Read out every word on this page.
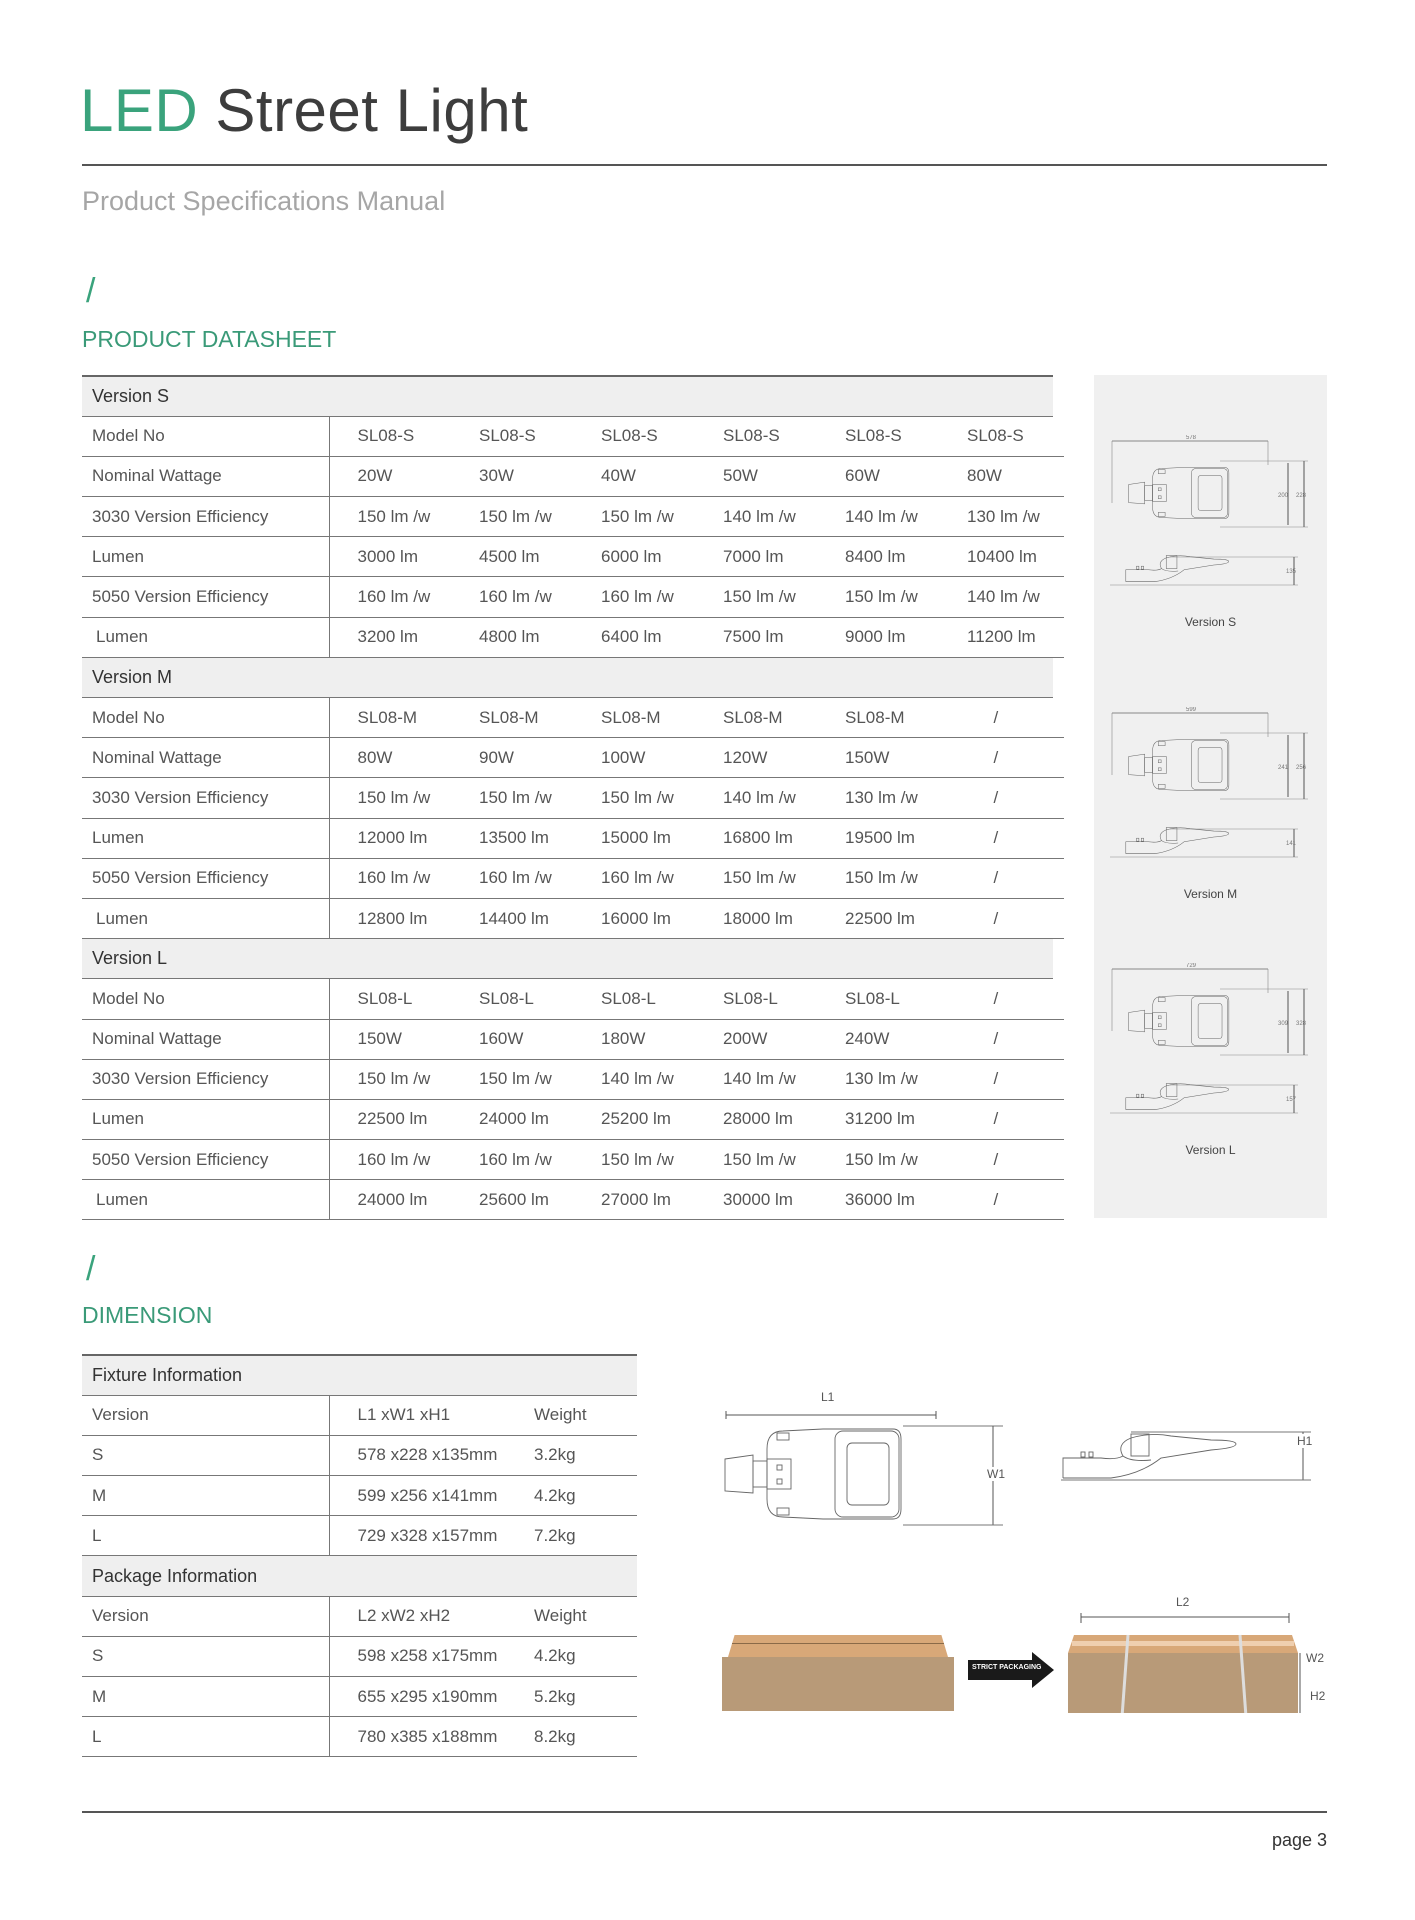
LED Street Light
Product Specifications Manual
/
PRODUCT DATASHEET
Version S							
Model No	SL08-S	SL08-S	SL08-S	SL08-S	SL08-S	SL08-S	
Nominal Wattage	20W	30W	40W	50W	60W	80W	
3030 Version Efficiency	150 lm /w	150 lm /w	150 lm /w	140 lm /w	140 lm /w	130 lm /w	
Lumen	3000 lm	4500 lm	6000 lm	7000 lm	8400 lm	10400 lm	
5050 Version Efficiency	160 lm /w	160 lm /w	160 lm /w	150 lm /w	150 lm /w	140 lm /w	
Lumen	3200 lm	4800 lm	6400 lm	7500 lm	9000 lm	11200 lm	
Version M							
Model No	SL08-M	SL08-M	SL08-M	SL08-M	SL08-M	/	
Nominal Wattage	80W	90W	100W	120W	150W	/	
3030 Version Efficiency	150 lm /w	150 lm /w	150 lm /w	140 lm /w	130 lm /w	/	
Lumen	12000 lm	13500 lm	15000 lm	16800 lm	19500 lm	/	
5050 Version Efficiency	160 lm /w	160 lm /w	160 lm /w	150 lm /w	150 lm /w	/	
Lumen	12800 lm	14400 lm	16000 lm	18000 lm	22500 lm	/	
Version L							
Model No	SL08-L	SL08-L	SL08-L	SL08-L	SL08-L	/	
Nominal Wattage	150W	160W	180W	200W	240W	/	
3030 Version Efficiency	150 lm /w	150 lm /w	140 lm /w	140 lm /w	130 lm /w	/	
Lumen	22500 lm	24000 lm	25200 lm	28000 lm	31200 lm	/	
5050 Version Efficiency	160 lm /w	160 lm /w	150 lm /w	150 lm /w	150 lm /w	/	
Lumen	24000 lm	25600 lm	27000 lm	30000 lm	36000 lm	/	
578
200 228
135
Version S
599
241 256
141
Version M
729
309 328
157
Version L
/
DIMENSION
Fixture Information		
Version	L1 xW1 xH1	Weight
S	578 x228 x135mm	3.2kg
M	599 x256 x141mm	4.2kg
L	729 x328 x157mm	7.2kg
Package Information		
Version	L2 xW2 xH2	Weight
S	598 x258 x175mm	4.2kg
M	655 x295 x190mm	5.2kg
L	780 x385 x188mm	8.2kg
L1
W1
H1
STRICT PACKAGING
L2
W2
H2
page 3
